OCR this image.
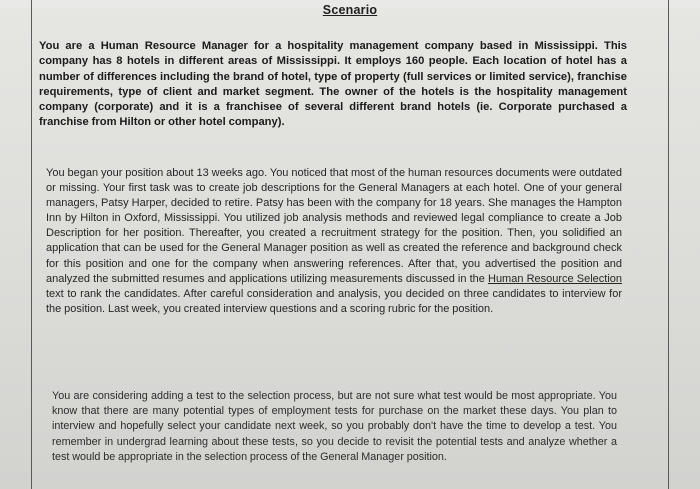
Scenario

You are a Human Resource Manager for a hospitality management company based in Mississippi. This company has 8 hotels in different areas of Mississippi. It employs 160 people. Each location of hotel has a number of differences including the brand of hotel, type of property (full services or limited service), franchise requirements, type of client and market segment. The owner of the hotels is the hospitality management company (corporate) and it is a franchisee of several different brand hotels (ie. Corporate purchased a franchise from Hilton or other hotel company).

You began your position about 13 weeks ago. You noticed that most of the human resources documents were outdated or missing. Your first task was to create job descriptions for the General Managers at each hotel. One of your general managers, Patsy Harper, decided to retire. Patsy has been with the company for 18 years. She manages the Hampton Inn by Hilton in Oxford, Mississippi. You utilized job analysis methods and reviewed legal compliance to create a Job Description for her position. Thereafter, you created a recruitment strategy for the position. Then, you solidified an application that can be used for the General Manager position as well as created the reference and background check for this position and one for the company when answering references. After that, you advertised the position and analyzed the submitted resumes and applications utilizing measurements discussed in the Human Resource Selection text to rank the candidates. After careful consideration and analysis, you decided on three candidates to interview for the position. Last week, you created interview questions and a scoring rubric for the position.

You are considering adding a test to the selection process, but are not sure what test would be most appropriate. You know that there are many potential types of employment tests for purchase on the market these days. You plan to interview and hopefully select your candidate next week, so you probably don't have the time to develop a test. You remember in undergrad learning about these tests, so you decide to revisit the potential tests and analyze whether a test would be appropriate in the selection process of the General Manager position.
